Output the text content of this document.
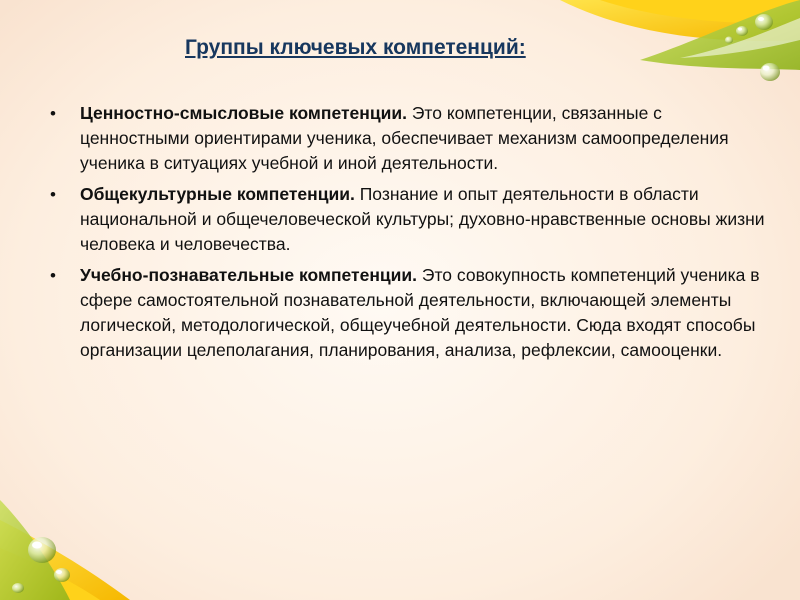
Группы ключевых компетенций:
• Ценностно-смысловые компетенции. Это компетенции, связанные с ценностными ориентирами ученика, обеспечивает механизм самоопределения ученика в ситуациях учебной и иной деятельности.
• Общекультурные компетенции. Познание и опыт деятельности в области национальной и общечеловеческой культуры; духовно-нравственные основы жизни человека и человечества.
• Учебно-познавательные компетенции. Это совокупность компетенций ученика в сфере самостоятельной познавательной деятельности, включающей элементы логической, методологической, общеучебной деятельности. Сюда входят способы организации целеполагания, планирования, анализа, рефлексии, самооценки.
